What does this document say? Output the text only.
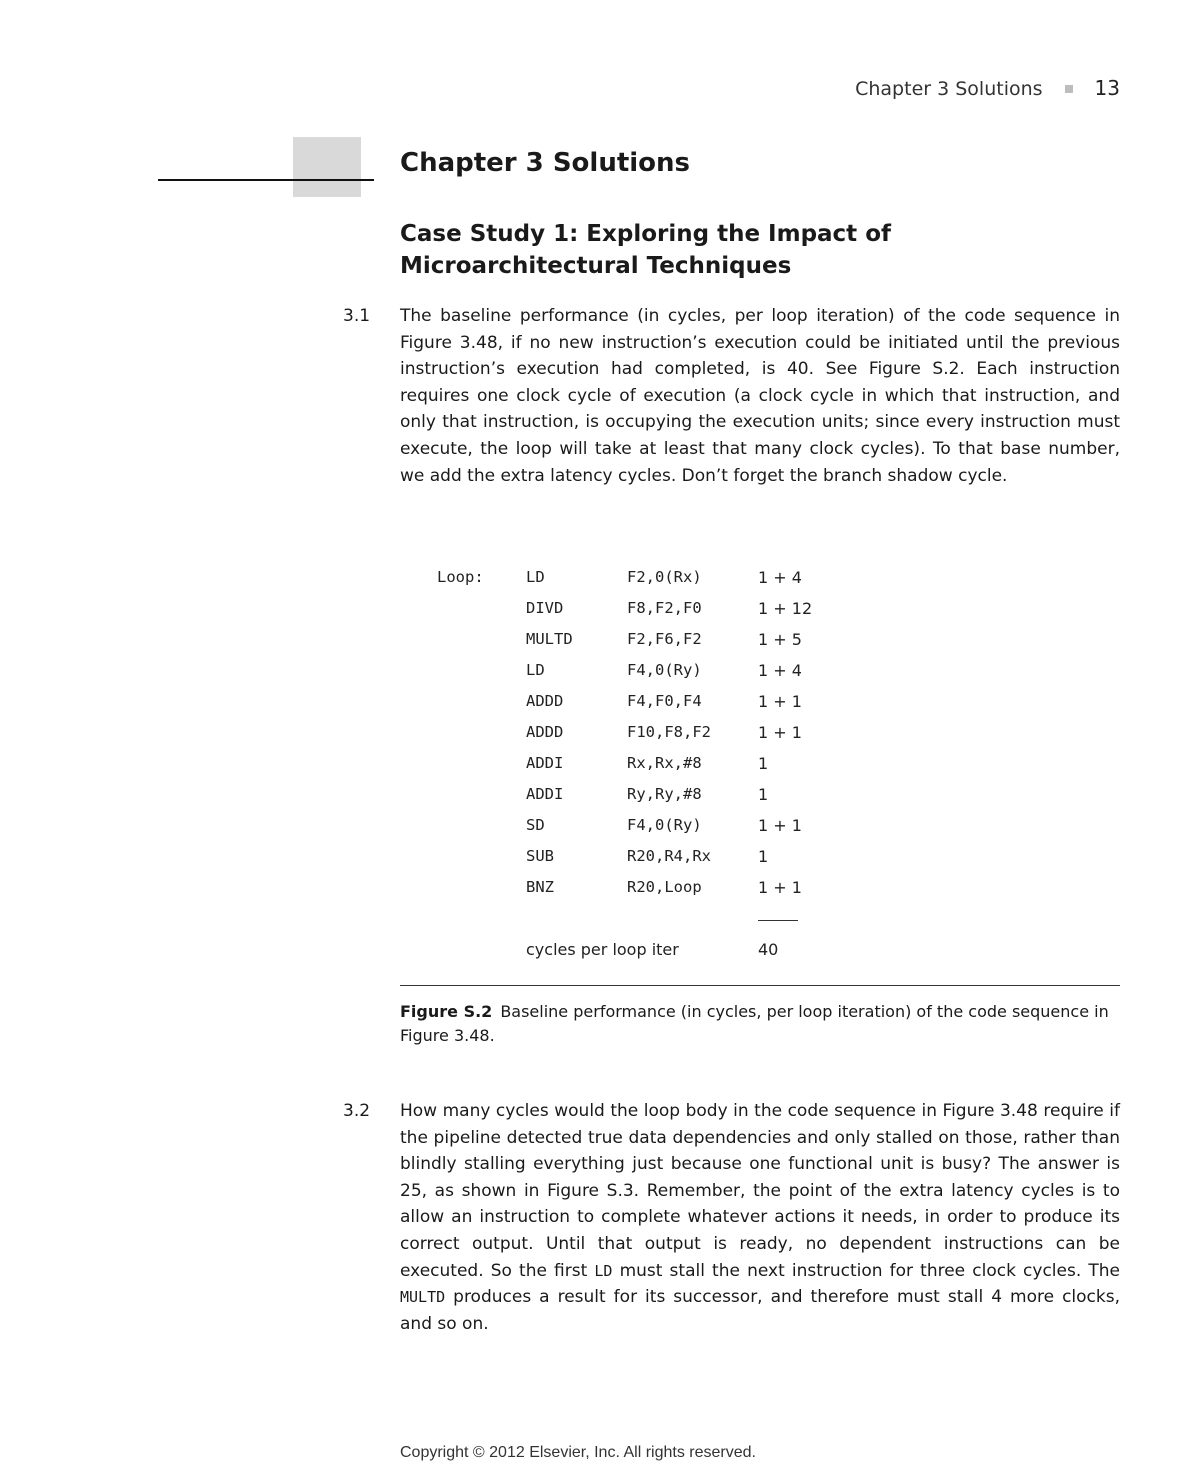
Chapter 3 Solutions	13
Chapter 3 Solutions
Case Study 1: Exploring the Impact of Microarchitectural Techniques
3.1 The baseline performance (in cycles, per loop iteration) of the code sequence in Figure 3.48, if no new instruction’s execution could be initiated until the previous instruction’s execution had completed, is 40. See Figure S.2. Each instruction requires one clock cycle of execution (a clock cycle in which that instruction, and only that instruction, is occupying the execution units; since every instruction must execute, the loop will take at least that many clock cycles). To that base number, we add the extra latency cycles. Don’t forget the branch shadow cycle.

Loop:	LD	F2,0(Rx)	1 + 4
DIVD	F8,F2,F0	1 + 12
MULTD	F2,F6,F2	1 + 5
LD	F4,0(Ry)	1 + 4
ADDD	F4,F0,F4	1 + 1
ADDD	F10,F8,F2	1 + 1
ADDI	Rx,Rx,#8	1
ADDI	Ry,Ry,#8	1
SD	F4,0(Ry)	1 + 1
SUB	R20,R4,Rx	1
BNZ	R20,Loop	1 + 1
cycles per loop iter	40

Figure S.2 Baseline performance (in cycles, per loop iteration) of the code sequence in Figure 3.48.

3.2 How many cycles would the loop body in the code sequence in Figure 3.48 require if the pipeline detected true data dependencies and only stalled on those, rather than blindly stalling everything just because one functional unit is busy? The answer is 25, as shown in Figure S.3. Remember, the point of the extra latency cycles is to allow an instruction to complete whatever actions it needs, in order to produce its correct output. Until that output is ready, no dependent instructions can be executed. So the first LD must stall the next instruction for three clock cycles. The MULTD produces a result for its successor, and therefore must stall 4 more clocks, and so on.

Copyright © 2012 Elsevier, Inc. All rights reserved.
